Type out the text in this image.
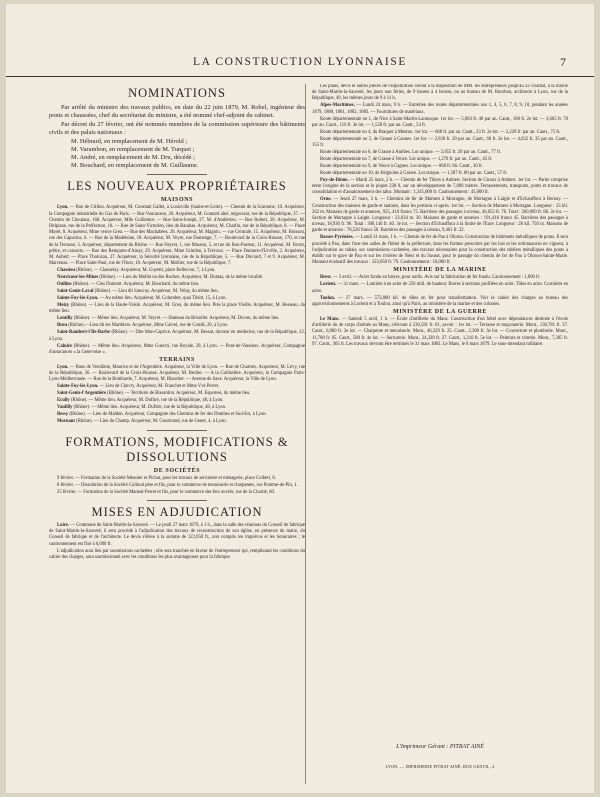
LA CONSTRUCTION LYONNAISE	7
NOMINATIONS

Par arrêté du ministre des travaux publics, en date du 22 juin 1879, M. Robel, ingénieur des ponts et chaussées, chef du secrétariat du ministre, a été nommé chef-adjoint du cabinet.

Par décret du 27 février, ont été nommés membres de la commission supérieure des bâtiments civils et des palais nationaux :

M. Hébrard, en remplacement de M. Hérold ;

M. Varambon, en remplacement de M. Turquet ;

M. André, en remplacement de M. Dru, décédé ;

M. Bouchard, en remplacement de M. Guillaume.

LES NOUVEAUX PROPRIÉTAIRES
MAISONS

Lyon. — Rue de Crillon. Acquéreur, M. Constant Gallet, à Louisville (Saône-et-Loire). — Chemin de la Scaronne, 10. Acquéreur, la Compagnie industrielle du Gaz de Paris. — Rue Vaucanson, 20. Acquéreur, M. Gontard aîné, négociant, rue de la République, 37. — Chemin de Choulans, 168. Acquéreur, Mlle Guillemot. — Rue Saint-Joseph, 27. M. d'Ambérieu. — Rue Robert, 28. Acquéreur, M. Delpiane, rue de la Préfecture, 18. — Rue de Saint-Victorien, lieu de Barabas. Acquéreur, M. Charlin, rue de la République, 8. — Place Morel, 8. Acquéreur, Mme veuve Grea. — Rue des Machabées, 20. Acquéreur, M. Magnin. — rue Centrale, 15. Acquéreur, M. Boisson, rue des Capucins, 6. — Rue de la Madeleine, 18. Acquéreur, M. Veyre, rue Dumenge, 7. — Boulevard de la Croix-Rousse, 170, et rue de la Terrasse, 3. Acquéreur, département du Rhône. — Rue Neyret, 1, rue Masson, 5, et rue du Bon-Pasteur, 11. Acquéreur, M. Ferrat, prêtre, et consorts. — Rue des Remparts-d'Ainay, 29. Acquéreur, Mme Grindon, à Trévoux. — Place Dumont-d'Urville, 2. Acquéreur, M. Aubert. — Place Tholozan, 27. Acquéreur, la Sécurité lyonnaise, rue de la République, 5. — Rue Duviard, 7 et 9. Acquéreur, M. Marcenaz. — Place Saint-Paul, rue de l'Ours, 10. Acquéreur, M. Mollier, rue de la République, 7.

Chassieu (Rhône). — Chasselay. Acquéreur, M. Guyetti, place Bellecour, 7, à Lyon.

Neuvicour-les-Mines (Rhône). — Lieu du Mollet ou des Roches. Acquéreur, M. Dumas, de la même localité.

Oullins (Rhône). — Clos Dumont. Acquéreur, M. Bouchard, du même lieu.

Saint-Genis-Laval (Rhône). — Lieu dit Sancray. Acquéreur, M. Velay, du même lieu.

Sainte-Foy-lès-Lyon. — Au même lieu. Acquéreur, M. Colombet, quai Tilsitt, 15, à Lyon.

Meizy (Rhône). — Lieu de la Haute-Vaisin. Acquéreur, M. Grea, du même lieu. Près la place Vieille. Acquéreur, M. Besseau, du même lieu.

Lentilly (Rhône). — Même lieu. Acquéreur, M. Veyret. — Hameau du Brisollet. Acquéreur, M. Duvon, du même lieu.

Brou (Rhône).—Lieu dit les Marthiers. Acquéreur, Mme Calvel, rue de Condé, 20, à Lyon.

Saint-Rambert-l'Ile-Barbe (Rhône). — Dite Mon-Caprice. Acquéreur, M. Bessat, docteur en médecine, rue de la République, 22, à Lyon.

Caluire (Rhône). — Même lieu. Acquéreur, Mme Guercri, rue Royale, 29, à Lyon. — Pont-de-Vassieux. Acquéreur, Compagnie d'assurances « la Genevoise ».

TERRAINS

Lyon. — Rues de Vendôme, Maurice et de l'Argentière. Acquéreur, la Ville de Lyon. — Rue de Chartres. Acquéreur, M. Lévy, rue de la République, 36. — Boulevard de la Croix-Rousse. Acquéreur, M. Berlier. — A la Guillotière. Acquéreur, la Compagnie Paris-Lyon-Méditerranée. — Rue de la Bombarde, 7. Acquéreur, M. Blanchet. — Avenue de Saxe. Acquéreur, la Ville de Lyon.

Sainte-Foy-lès-Lyon. — Lieu de Chevry. Acquéreur, M. Franchet et Mme Vve Perret.

Saint-Genis-l'Argentière (Rhône). — Territoire de Bissardon. Acquéreur, M. Espernes, du même lieu.

Ecully (Rhône). — Même lieu. Acquéreur, M. Dufitre, rue de la République, 48, à Lyon.

Vaulilly (Rhône). — Même lieu. Acquéreur, M. Dufitre, rue de la République, 48, à Lyon.

Bessy (Rhône). — Lieu de Malden. Acquéreur, Compagnie des Chemins de fer des Dombes et Sud-Est, à Lyon.

Mornant (Rhône). — Lieu du Champ. Acquéreur, M. Gourmand, rue de Genet, 4, à Lyon.

FORMATIONS, MODIFICATIONS & DISSOLUTIONS
DE SOCIÉTÉS

9 février. — Formation de la Société Meunier et Pichat, pour les travaux de serrurerie et ménagerie, place Colbert, 8.

8 février. — Dissolution de la Société Colloud père et fils, pour le commerce de menuiserie et charpentes, rue Pomme-de-Pin, 1.

25 février. — Formation de la Société Maneul-Perret et fils, pour le commerce des fers ouvrés, rue de la Charité, 60.

MISES EN ADJUDICATION

Loire. — Commune de Saint-Martin-la-Sauveté. — Le jeudi 27 mars 1879, à 1 h., dans la salle des réunions du Conseil de fabrique de Saint-Martin-la-Sauveté, il sera procédé à l'adjudication des travaux de reconstruction de son église, en présence du maire, du Conseil de fabrique et de l'architecte. Le devis s'élève à la somme de 122,058 fr., non compris les imprévus et les honoraires ; le cautionnement est fixé à 6,000 fr.

L'adjudication aura lieu par soumissions cachetées ; elle sera tranchée en faveur de l'entrepreneur qui, remplissant les conditions du cahier des charges, aura soumissionné avec les conditions les plus avantageuses pour la fabrique.

Les plans, devis et autres pièces de l'adjudication seront à la disposition de MM. les entrepreneurs jusqu'au 22 courant, à la mairie de Saint-Martin-la-Sauveté, les jours non fériés, de 9 heures à 4 heures, ou au bureau de M. Bourbon, architecte à Lyon, rue de la République, 49, les mêmes jours de 9 à 11 h.

Alpes-Maritimes. — Lundi 24 mars, 9 h. — Entretien des routes départementales nos 1, 4, 5, 6, 7, 8, 9, 10, pendant les années 1879, 1880, 1881, 1882, 1883. — Fournitures de matériaux.

Route départementale no 1, de Nice à Saint-Martin-Lantosque. 1er lot. — 5,683 fr. 40 par an. Cautt., 180 fr. 2e lot. — 3,665 fr. 70 par an. Cautt., 116 fr. 3e lot. — 1,528 fr. par an. Cautt., 54 fr.

Route départementale no 4, du Braquet à Menton. 1er lot. — 668 fr. par an. Cautt., 23 fr. 2e lot. — 2,228 fr. par an. Cautt., 75 fr.

Route départementale no 5, de Grasse à Cannes. 1er lot. — 2,030 fr. 20 par an. Cautt., 68 fr. 2e lot. — 4,632 fr. 35 par an. Cautt., 155 fr.

Route départementale no 6, de Grasse à Antibes. Lot unique. — 2,855 fr. 20 par an. Cautt., 77 fr.

Route départementale no 7, de Grasse à Vence. Lot unique. — 1,270 fr. par an. Cautt., 43 fr.

Route départementale no 9, de Vence à Cagnes. Lot unique. — 868 fr. 66. Cautt., 30 fr.

Route départementale no 10, de Brignoles à Grasse. Lot unique. — 1,587 fr. 80 par an. Cautt., 57 fr.

Puy-de-Dôme. — Mardi 25 mars, 2 h. — Chemin de fer Thiers à Ambert. Section de Giroux à Ambert. 1er lot. — Partie comprise entre l'origine de la section et le piquet 228 0, sur un développement de 7,000 mètres. Terrassements, transports, ponts et travaux de consolidation et d'assainissement des talus. Montant : 1,345,000 fr. Cautionnement : 45,000 fr.

Orne. — Jeudi 27 mars, 3 h. — Chemins de fer de Mamers à Mortagne, de Mortagne à Laigle et d'Echauffour à Bernay. — Construction des maisons de garde et stations, dans les portions ci-après. 1er lot. — Section de Mamers à Mortagne. Longueur : 33 kil. 262 m. Maisons de garde et annexes, 925, 410 francs 75. Barrières des passages à niveau, 46,053 fr. 78. Total : 260,089 fr. 88. 2e lot. — Section de Mortagne à Laigle. Longueur : 23,634 m. 30. Maisons de garde et annexes : 191,416 francs 45. Barrières des passages à niveau, 18,930 fr. 96. Total : 306,146 fr. 40. 3e lot. — Section d'Echauffour à la limite de l'Eure. Longueur : 26 kil. 750 m. Maisons de garde et annexes : 78,526 francs 50. Barrières des passages à niveau, 9,461 fr. 22.

Basses-Pyrénées. — Lundi 31 mars, 1 h. — Chemin de fer de Pau à Oloron. Construction de bâtiments métalliques de ponts. Il sera procédé à Pau, dans l'une des salles de l'hôtel de la préfecture, dans les formes prescrites par les lois et les ordonnances en vigueur, à l'adjudication au rabais, sur soumissions cachetées, des travaux nécessaires pour la construction des tabliers métalliques des ponts à établir sur le gave de Pau et sur les rivières de Néez et du Sousst, pour le passage du chemin de fer de Pau à Oloron-Sainte-Marie. Montant évaluatif des travaux : 323,058 fr. 79. Cautionnement : 10,000 fr.

MINISTÈRE DE LA MARINE

Brest. — 3 avril. — Acier fondu en barres, pour outils. Avis sur la fabrication de fer fondu. Cautionnement : 1,800 fr.

Lorient. — 31 mars. — Lumière à en acier de 250 mill. de hauteur. Barres à sections profilées en acier. Tôles en acier. Cornières en acier.

Toulon. — 27 mars. — 572,000 kil. de tôles en fer pour transformation. Voir le cahier des charges au bureau des approvisionnements à Lorient et à Toulon, ainsi qu'à Paris, au ministère de la marine et des colonies.

MINISTÈRE DE LA GUERRE

Le Mans. — Samedi 5 avril, 1 h. — École d'artillerie du Mans. Construction d'un hôtel avec dépendances destinée à l'école d'artillerie du 4e corps d'armée au Mans, s'élevant à 230,581 fr. 61, savoir : 1er lot. — Terrasse et maçonnerie. Mont., 130,781 fr. 37. Cautt., 6,000 fr. 2e lot. — Charpente et menuiserie. Mont., 46,329 fr. 25. Cautt., 2,300 fr. 3e lot. — Couverture et plomberie. Mont., 11,708 fr. 05. Cautt., 580 fr. 4e lot. — Serrurerie. Mont., 24,320 fr. 27. Cautt., 1,210 fr. 5e lot. — Peinture et vitrerie. Mont., 7,305 fr. 97. Cautt., 365 fr. Les travaux devront être terminés le 31 mars 1883. Le Mans, le 8 mars 1879. Le sous-intendant militaire.

L'Imprimeur Gérant : PITRAT AINÉ
LYON. — IMPRIMERIE PITRAT AINÉ, RUE GENTIL, 4
